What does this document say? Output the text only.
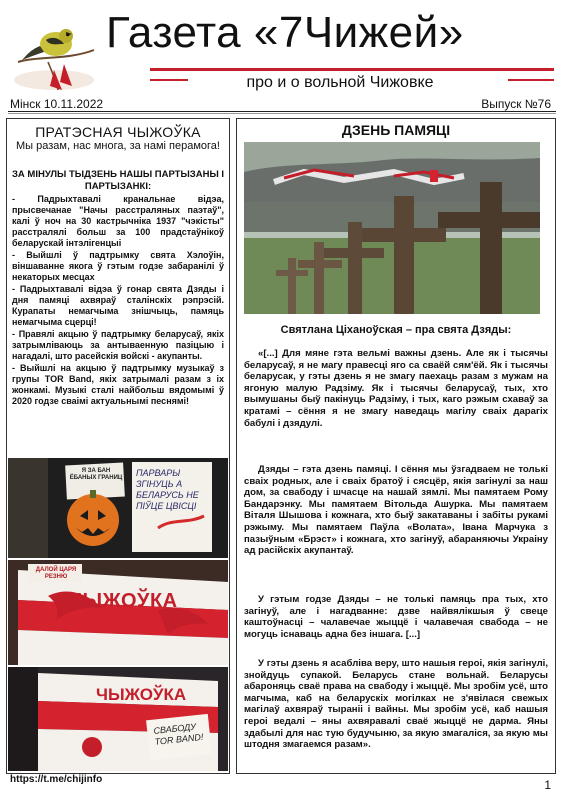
Газета «7Чижей»
про и о вольной Чижовке
Мінск 10.11.2022	Выпуск №76
ПРАТЭСНАЯ ЧЫЖОЎКА
Мы разам, нас многа, за намі перамога!
ЗА МІНУЛЫ ТЫДЗЕНЬ НАШЫ ПАРТЫЗАНЫ І ПАРТЫЗАНКІ:

- Падрыхтавалі кранальнае відэа, прысвечанае "Начы расстраляных паэтаў", калі ў ноч на 30 кастрычніка 1937 "чэкісты" расстралялі больш за 100 прадстаўнікоў беларускай інтэлігенцыі

- Выйшлі ў падтрымку свята Хэлоўін, віншаванне якога ў гэтым годзе забаранілі ў некаторых месцах

- Падрыхтавалі відэа ў гонар свята Дзяды і дня памяці ахвяраў сталінскіх рэпрэсій. Курапаты немагчыма знішчыць, памяць немагчыма сцерці!

- Правялі акцыю ў падтрымку беларусаў, якіх затрымліваюць за антываенную пазіцыю і нагадалі, што расейскія войскі - акупанты.

- Выйшлі на акцыю ў падтрымку музыкаў з групы TOR Band, якіх затрымалі разам з іх жонкамі. Музыкі сталі найбольш вядомымі ў 2020 годзе сваімі актуальнымі песнямі!

Я ЗА БАН ЁБАНЫХ ГРАНИЦ ПАРВАРЫ ЗГІНУЦЬ А БЕЛАРУСЬ НЕ ПІЎЦЕ ЦВІСЦІ
ДАЛОЙ ЦАРЯ РЕЗНЮ
ЧЫЖОЎКА
ЧЫЖОЎКА
СВАБОДУ TOR BAND!
ДЗЕНЬ ПАМЯЦІ
Святлана Ціханоўская – пра свята Дзяды:

«[...] Для мяне гэта вельмі важны дзень. Але як і тысячы беларусаў, я не магу правесці яго са сваёй сям'ёй. Як і тысячы беларусак, у гэты дзень я не змагу паехаць разам з мужам на ягоную малую Радзіму. Як і тысячы беларусаў, тых, хто вымушаны быў пакінуць Радзіму, і тых, каго рэжым схаваў за кратамі – сёння я не змагу наведаць магілу сваіх дарагіх бабулі і дзядулі.

Дзяды – гэта дзень памяці. І сёння мы ўзгадваем не толькі сваіх родных, але і сваіх братоў і сясцёр, якія загінулі за наш дом, за свабоду і шчасце на нашай зямлі. Мы памятаем Рому Бандарэнку. Мы памятаем Вітольда Ашурка. Мы памятаем Віталя Шышова і кожнага, хто быў закатаваны і забіты рукамі рэжыму. Мы памятаем Паўла «Волата», Івана Марчука з пазыўным «Брэст» і кожнага, хто загінуў, абараняючы Украіну ад расійскіх акупантаў.

У гэтым годзе Дзяды – не толькі памяць пра тых, хто загінуў, але і нагадванне: дзве найвялікшыя ў свеце каштоўнасці – чалавечае жыццё і чалавечая свабода – не могуць існаваць адна без іншага. [...]

У гэты дзень я асабліва веру, што нашыя героі, якія загінулі, знойдуць супакой. Беларусь стане вольнай. Беларусы абароняць сваё права на свабоду і жыццё. Мы зробім усё, што магчыма, каб на беларускіх могілках не з'явілася свежых магілаў ахвяраў тыраніі і вайны. Мы зробім усё, каб нашыя героі ведалі – яны ахвяравалі сваё жыццё не дарма. Яны здабылі для нас тую будучыню, за якую змагаліся, за якую мы штодня змагаемся разам».

https://t.me/chijinfo	1
